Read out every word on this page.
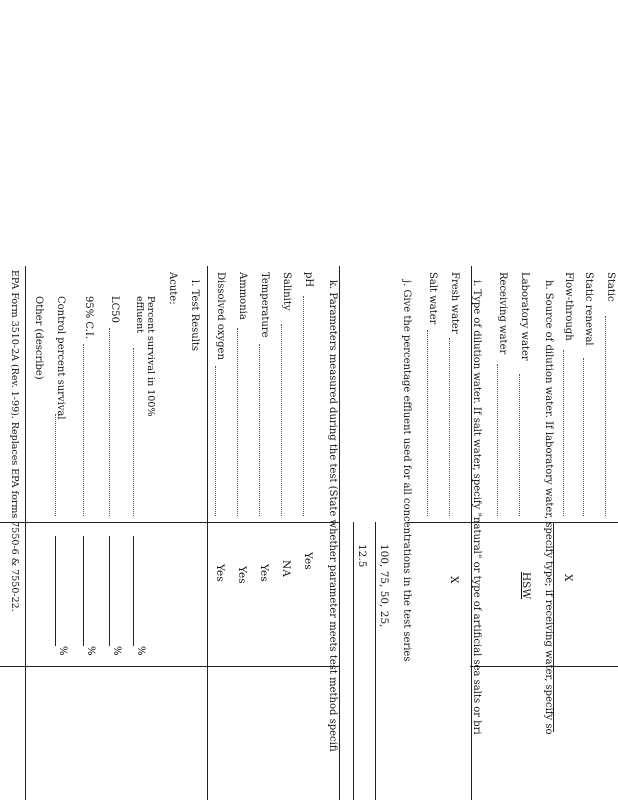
Static
Static renewal
Flow-through
X
h. Source of dilution water. If laboratory water, specify type; if receiving water, specify so
Laboratory water
HSW
Receiving water
i. Type of dilution water. If salt water, specify "natural" or type of artificial sea salts or bri
Fresh water
X
Salt water
j. Give the percentage effluent used for all concentrations in the test series
100, 75, 50, 25,
12.5
k. Parameters measured during the test (State whether parameter meets test method specifi
pH
Yes
Salinity
NA
Temperature
Yes
Ammonia
Yes
Dissolved oxygen
Yes
l. Test Results
Acute:
Percent survival in 100%
effluent
%
LC50
%
95% C.I.
%
Control percent survival
%
Other (describe)
EPA Form 3510-2A (Rev. 1-99). Replaces EPA forms 7550-6 & 7550-22.
